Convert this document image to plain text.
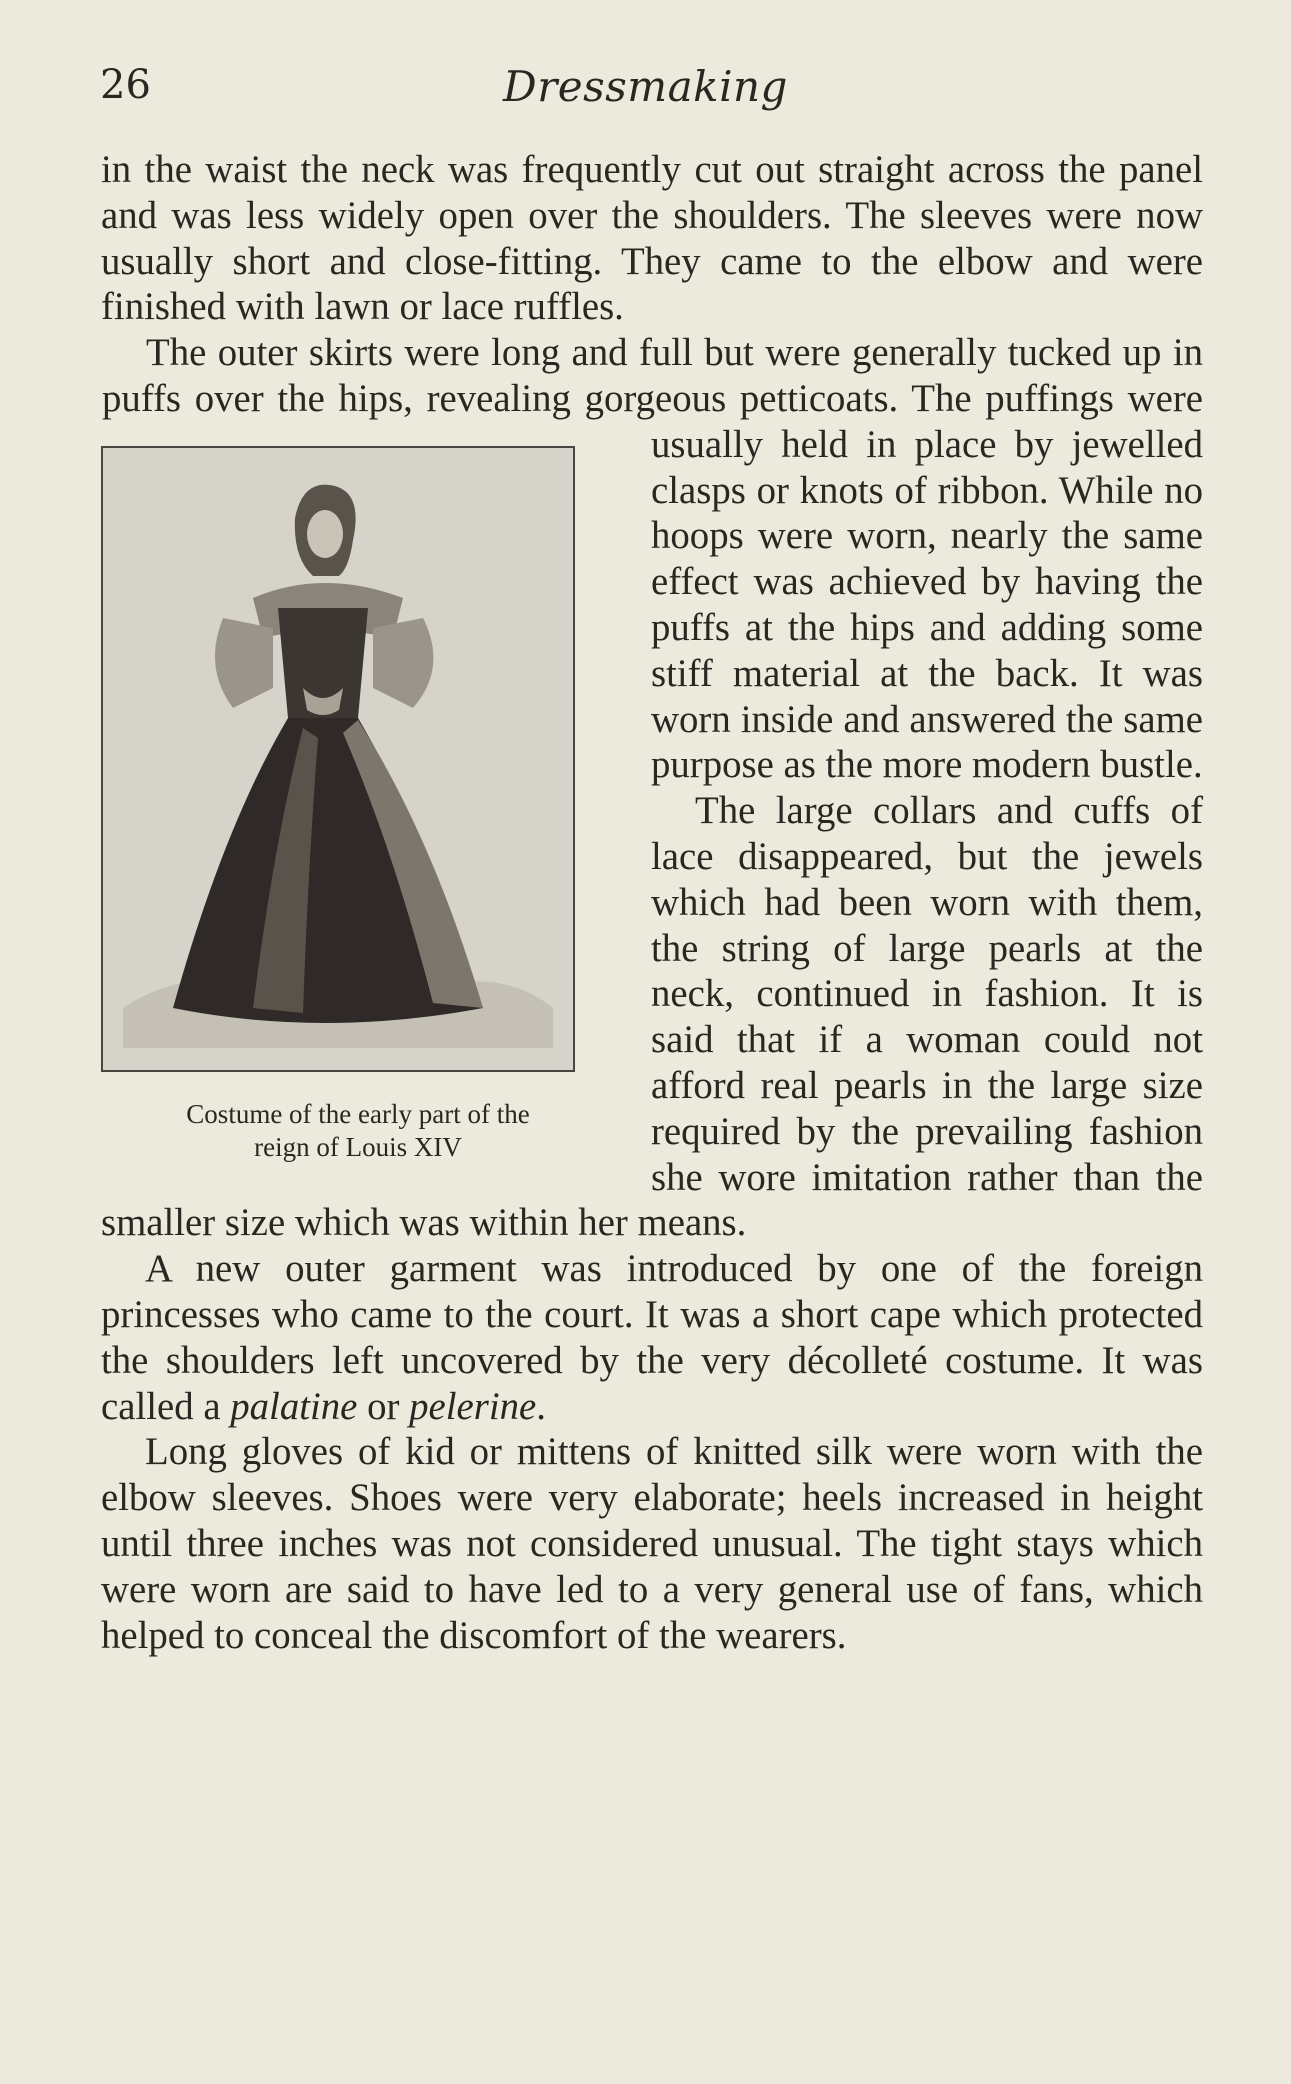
26	Dressmaking

in the waist the neck was frequently cut out straight across the panel and was less widely open over the shoulders. The sleeves were now usually short and close-fitting. They came to the elbow and were finished with lawn or lace ruffles.

Costume of the early part of the
reign of Louis XIV
The outer skirts were long and full but were generally tucked up in puffs over the hips, revealing gorgeous petticoats. The puffings were usually held in place by jewelled clasps or knots of ribbon. While no hoops were worn, nearly the same effect was achieved by having the puffs at the hips and adding some stiff material at the back. It was worn inside and answered the same purpose as the more modern bustle.

The large collars and cuffs of lace disappeared, but the jewels which had been worn with them, the string of large pearls at the neck, continued in fashion. It is said that if a woman could not afford real pearls in the large size required by the prevailing fashion she wore imitation rather than the smaller size which was within her means.

A new outer garment was introduced by one of the foreign princesses who came to the court. It was a short cape which protected the shoulders left uncovered by the very décolleté costume. It was called a palatine or pelerine.

Long gloves of kid or mittens of knitted silk were worn with the elbow sleeves. Shoes were very elaborate; heels increased in height until three inches was not considered unusual. The tight stays which were worn are said to have led to a very general use of fans, which helped to conceal the discomfort of the wearers.
